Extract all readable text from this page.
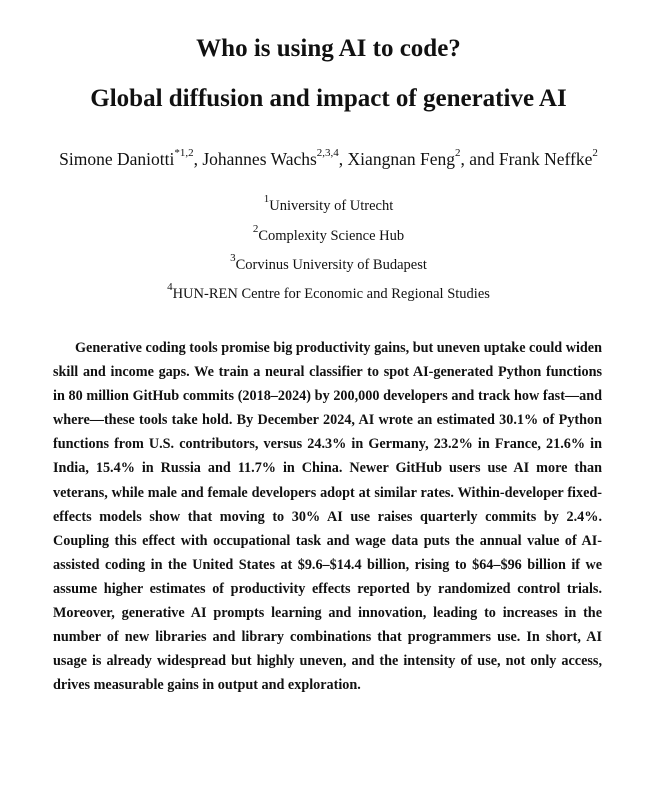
Who is using AI to code?
Global diffusion and impact of generative AI
Simone Daniotti$^{*1,2}$, Johannes Wachs$^{2,3,4}$, Xiangnan Feng$^2$, and Frank Neffke$^2$
$^1$University of Utrecht
$^2$Complexity Science Hub
$^3$Corvinus University of Budapest
$^4$HUN-REN Centre for Economic and Regional Studies

Generative coding tools promise big productivity gains, but uneven uptake could widen skill and income gaps. We train a neural classifier to spot AI-generated Python functions in 80 million GitHub commits (2018–2024) by 200,000 developers and track how fast—and where—these tools take hold. By December 2024, AI wrote an estimated 30.1% of Python functions from U.S. contributors, versus 24.3% in Germany, 23.2% in France, 21.6% in India, 15.4% in Russia and 11.7% in China. Newer GitHub users use AI more than veterans, while male and female developers adopt at similar rates. Within-developer fixed-effects models show that moving to 30% AI use raises quarterly commits by 2.4%. Coupling this effect with occupational task and wage data puts the annual value of AI-assisted coding in the United States at $9.6–$14.4 billion, rising to $64–$96 billion if we assume higher estimates of productivity effects reported by randomized control trials. Moreover, generative AI prompts learning and innovation, leading to increases in the number of new libraries and library combinations that programmers use. In short, AI usage is already widespread but highly uneven, and the intensity of use, not only access, drives measurable gains in output and exploration.
